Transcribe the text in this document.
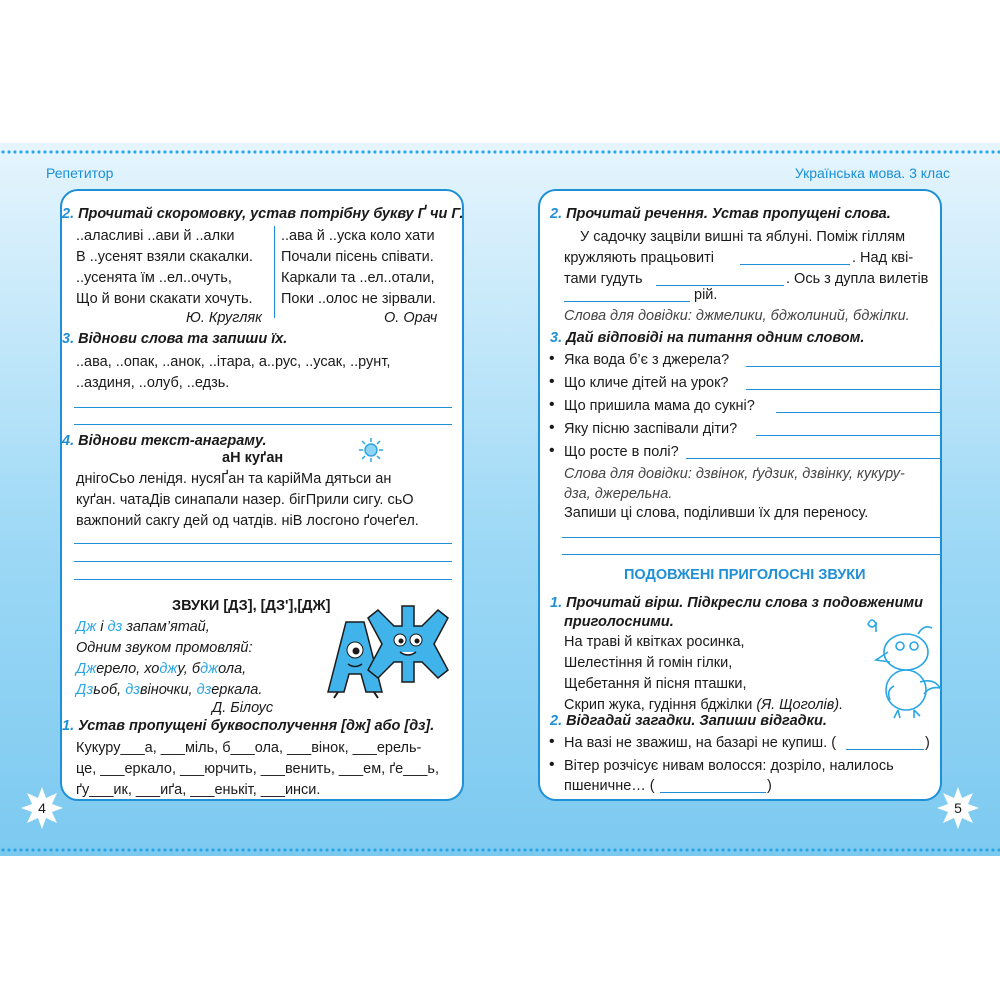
Репетитор	Українська мова. 3 клас
4	5
2. Прочитай скоромовку, устав потрібну букву Ґ чи Г.
..аласливі ..ави й ..алки
В ..усенят взяли скакалки.
..усенята їм ..ел..очуть,
Що й вони скакати хочуть.
Ю. Кругляк
..ава й ..уска коло хати
Почали пісень співати.
Каркали та ..ел..отали,
Поки ..олос не зірвали.
О. Орач
3. Віднови слова та запиши їх.
..ава, ..опак, ..анок, ..ітара, а..рус, ..усак, ..рунт,
..аздиня, ..олуб, ..едзь.
4. Віднови текст-анаграму.
аН куґан
днігоСьо ленідя. нусяҐан та карійМа дятьси ан
куґан. чатаДів синапали назер. бігПрили сигу. сьО
важпоний сакгу дей од чатдів. ніВ лосгоно ґочеґел.
ЗВУКИ [ДЗ], [ДЗ'],[ДЖ]
Дж і дз запам’ятай,
Одним звуком промовляй:
Джерело, ходжу, бджола,
Дзьоб, дзвіночки, дзеркала.
Д. Білоус
1. Устав пропущені буквосполучення [дж] або [дз].
Кукуру___а, ___міль, б___ола, ___вінок, ___ерель-
це, ___еркало, ___юрчить, ___венить, ___ем, ґе___ь,
ґу___ик, ___иґа, ___енькіт, ___инси.
2. Прочитай речення. Устав пропущені слова.
У садочку зацвіли вишні та яблуні. Поміж гіллям
кружляють працьовиті	. Над кві-
тами гудуть	. Ось з дупла вилетів
рій.
Слова для довідки: джмелики, бджолиний, бджілки.
3. Дай відповіді на питання одним словом.
• Яка вода б’є з джерела?
• Що кличе дітей на урок?
• Що пришила мама до сукні?
• Яку пісню заспівали діти?
• Що росте в полі?
Слова для довідки: дзвінок, ґудзик, дзвінку, кукуру-
дза, джерельна.
Запиши ці слова, поділивши їх для переносу.
ПОДОВЖЕНІ ПРИГОЛОСНІ ЗВУКИ
1. Прочитай вірш. Підкресли слова з подовженими
приголосними.
На траві й квітках росинка,
Шелестіння й гомін гілки,
Щебетання й пісня пташки,
Скрип жука, гудіння бджілки (Я. Щоголів).
2. Відгадай загадки. Запиши відгадки.
• На вазі не зважиш, на базарі не купиш. (	)
• Вітер розчісує нивам волосся: дозріло, налилось
пшеничне… (	)
